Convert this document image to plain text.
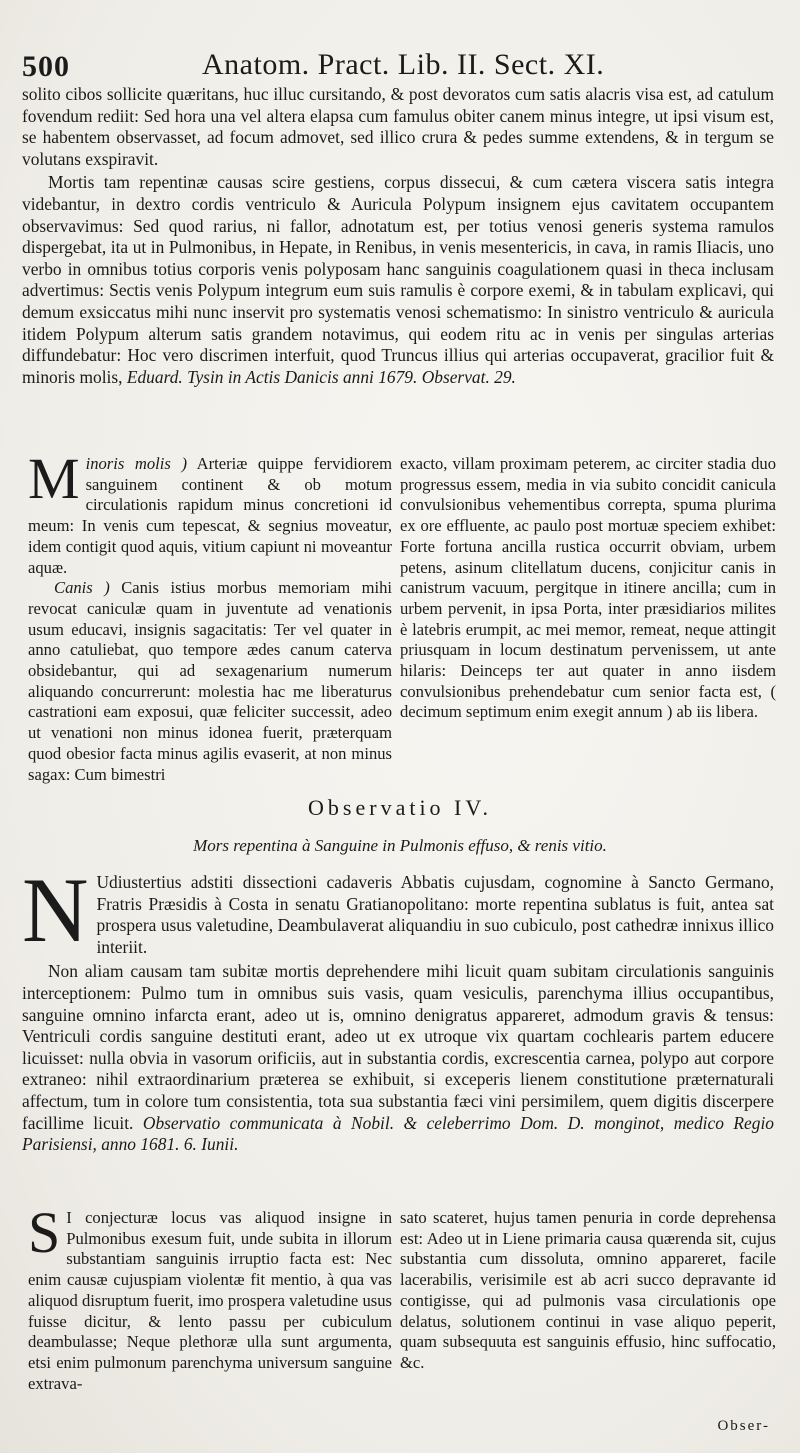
500	Anatom. Pract. Lib. II. Sect. XI.

solito cibos sollicite quæritans, huc illuc cursitando, & post devoratos cum satis alacris visa est, ad catulum fovendum rediit: Sed hora una vel altera elapsa cum famulus obiter canem minus integre, ut ipsi visum est, se habentem observasset, ad focum admovet, sed illico crura & pedes summe extendens, & in tergum se volutans exspiravit.

Mortis tam repentinæ causas scire gestiens, corpus dissecui, & cum cætera viscera satis integra videbantur, in dextro cordis ventriculo & Auricula Polypum insignem ejus cavitatem occupantem observavimus: Sed quod rarius, ni fallor, adnotatum est, per totius venosi generis systema ramulos dispergebat, ita ut in Pulmonibus, in Hepate, in Renibus, in venis mesentericis, in cava, in ramis Iliacis, uno verbo in omnibus totius corporis venis polyposam hanc sanguinis coagulationem quasi in theca inclusam advertimus: Sectis venis Polypum integrum eum suis ramulis è corpore exemi, & in tabulam explicavi, qui demum exsiccatus mihi nunc inservit pro systematis venosi schematismo: In sinistro ventriculo & auricula itidem Polypum alterum satis grandem notavimus, qui eodem ritu ac in venis per singulas arterias diffundebatur: Hoc vero discrimen interfuit, quod Truncus illius qui arterias occupaverat, gracilior fuit & minoris molis, Eduard. Tysin in Actis Danicis anni 1679. Observat. 29.

M inoris molis ) Arteriæ quippe fervidiorem sanguinem continent & ob motum circulationis rapidum minus concretioni id meum: In venis cum tepescat, & segnius moveatur, idem contigit quod aquis, vitium capiunt ni moveantur aquæ.

Canis ) Canis istius morbus memoriam mihi revocat caniculæ quam in juventute ad venationis usum educavi, insignis sagacitatis: Ter vel quater in anno catuliebat, quo tempore ædes canum caterva obsidebantur, qui ad sexagenarium numerum aliquando concurrerunt: molestia hac me liberaturus castrationi eam exposui, quæ feliciter successit, adeo ut venationi non minus idonea fuerit, præterquam quod obesior facta minus agilis evaserit, at non minus sagax: Cum bimestri

exacto, villam proximam peterem, ac circiter stadia duo progressus essem, media in via subito concidit canicula convulsionibus vehementibus correpta, spuma plurima ex ore effluente, ac paulo post mortuæ speciem exhibet: Forte fortuna ancilla rustica occurrit obviam, urbem petens, asinum clitellatum ducens, conjicitur canis in canistrum vacuum, pergitque in itinere ancilla; cum in urbem pervenit, in ipsa Porta, inter præsidiarios milites è latebris erumpit, ac mei memor, remeat, neque attingit priusquam in locum destinatum pervenissem, ut ante hilaris: Deinceps ter aut quater in anno iisdem convulsionibus prehendebatur cum senior facta est, ( decimum septimum enim exegit annum ) ab iis libera.

Observatio IV.
Mors repentina à Sanguine in Pulmonis effuso, & renis vitio.
N Udiustertius adstiti dissectioni cadaveris Abbatis cujusdam, cognomine à Sancto Germano, Fratris Præsidis à Costa in senatu Gratianopolitano: morte repentina sublatus is fuit, antea sat prospera usus valetudine, Deambulaverat aliquandiu in suo cubiculo, post cathedræ innixus illico interiit.

Non aliam causam tam subitæ mortis deprehendere mihi licuit quam subitam circulationis sanguinis interceptionem: Pulmo tum in omnibus suis vasis, quam vesiculis, parenchyma illius occupantibus, sanguine omnino infarcta erant, adeo ut is, omnino denigratus appareret, admodum gravis & tensus: Ventriculi cordis sanguine destituti erant, adeo ut ex utroque vix quartam cochlearis partem educere licuisset: nulla obvia in vasorum orificiis, aut in substantia cordis, excrescentia carnea, polypo aut corpore extraneo: nihil extraordinarium præterea se exhibuit, si exceperis lienem constitutione præternaturali affectum, tum in colore tum consistentia, tota sua substantia fæci vini persimilem, quem digitis discerpere facillime licuit. Observatio communicata à Nobil. & celeberrimo Dom. D. monginot, medico Regio Parisiensi, anno 1681. 6. Iunii.

S I conjecturæ locus vas aliquod insigne in Pulmonibus exesum fuit, unde subita in illorum substantiam sanguinis irruptio facta est: Nec enim causæ cujuspiam violentæ fit mentio, à qua vas aliquod disruptum fuerit, imo prospera valetudine usus fuisse dicitur, & lento passu per cubiculum deambulasse; Neque plethoræ ulla sunt argumenta, etsi enim pulmonum parenchyma universum sanguine extrava-

sato scateret, hujus tamen penuria in corde deprehensa est: Adeo ut in Liene primaria causa quærenda sit, cujus substantia cum dissoluta, omnino appareret, facile lacerabilis, verisimile est ab acri succo depravante id contigisse, qui ad pulmonis vasa circulationis ope delatus, solutionem continui in vase aliquo peperit, quam subsequuta est sanguinis effusio, hinc suffocatio, &c.

Obser-
